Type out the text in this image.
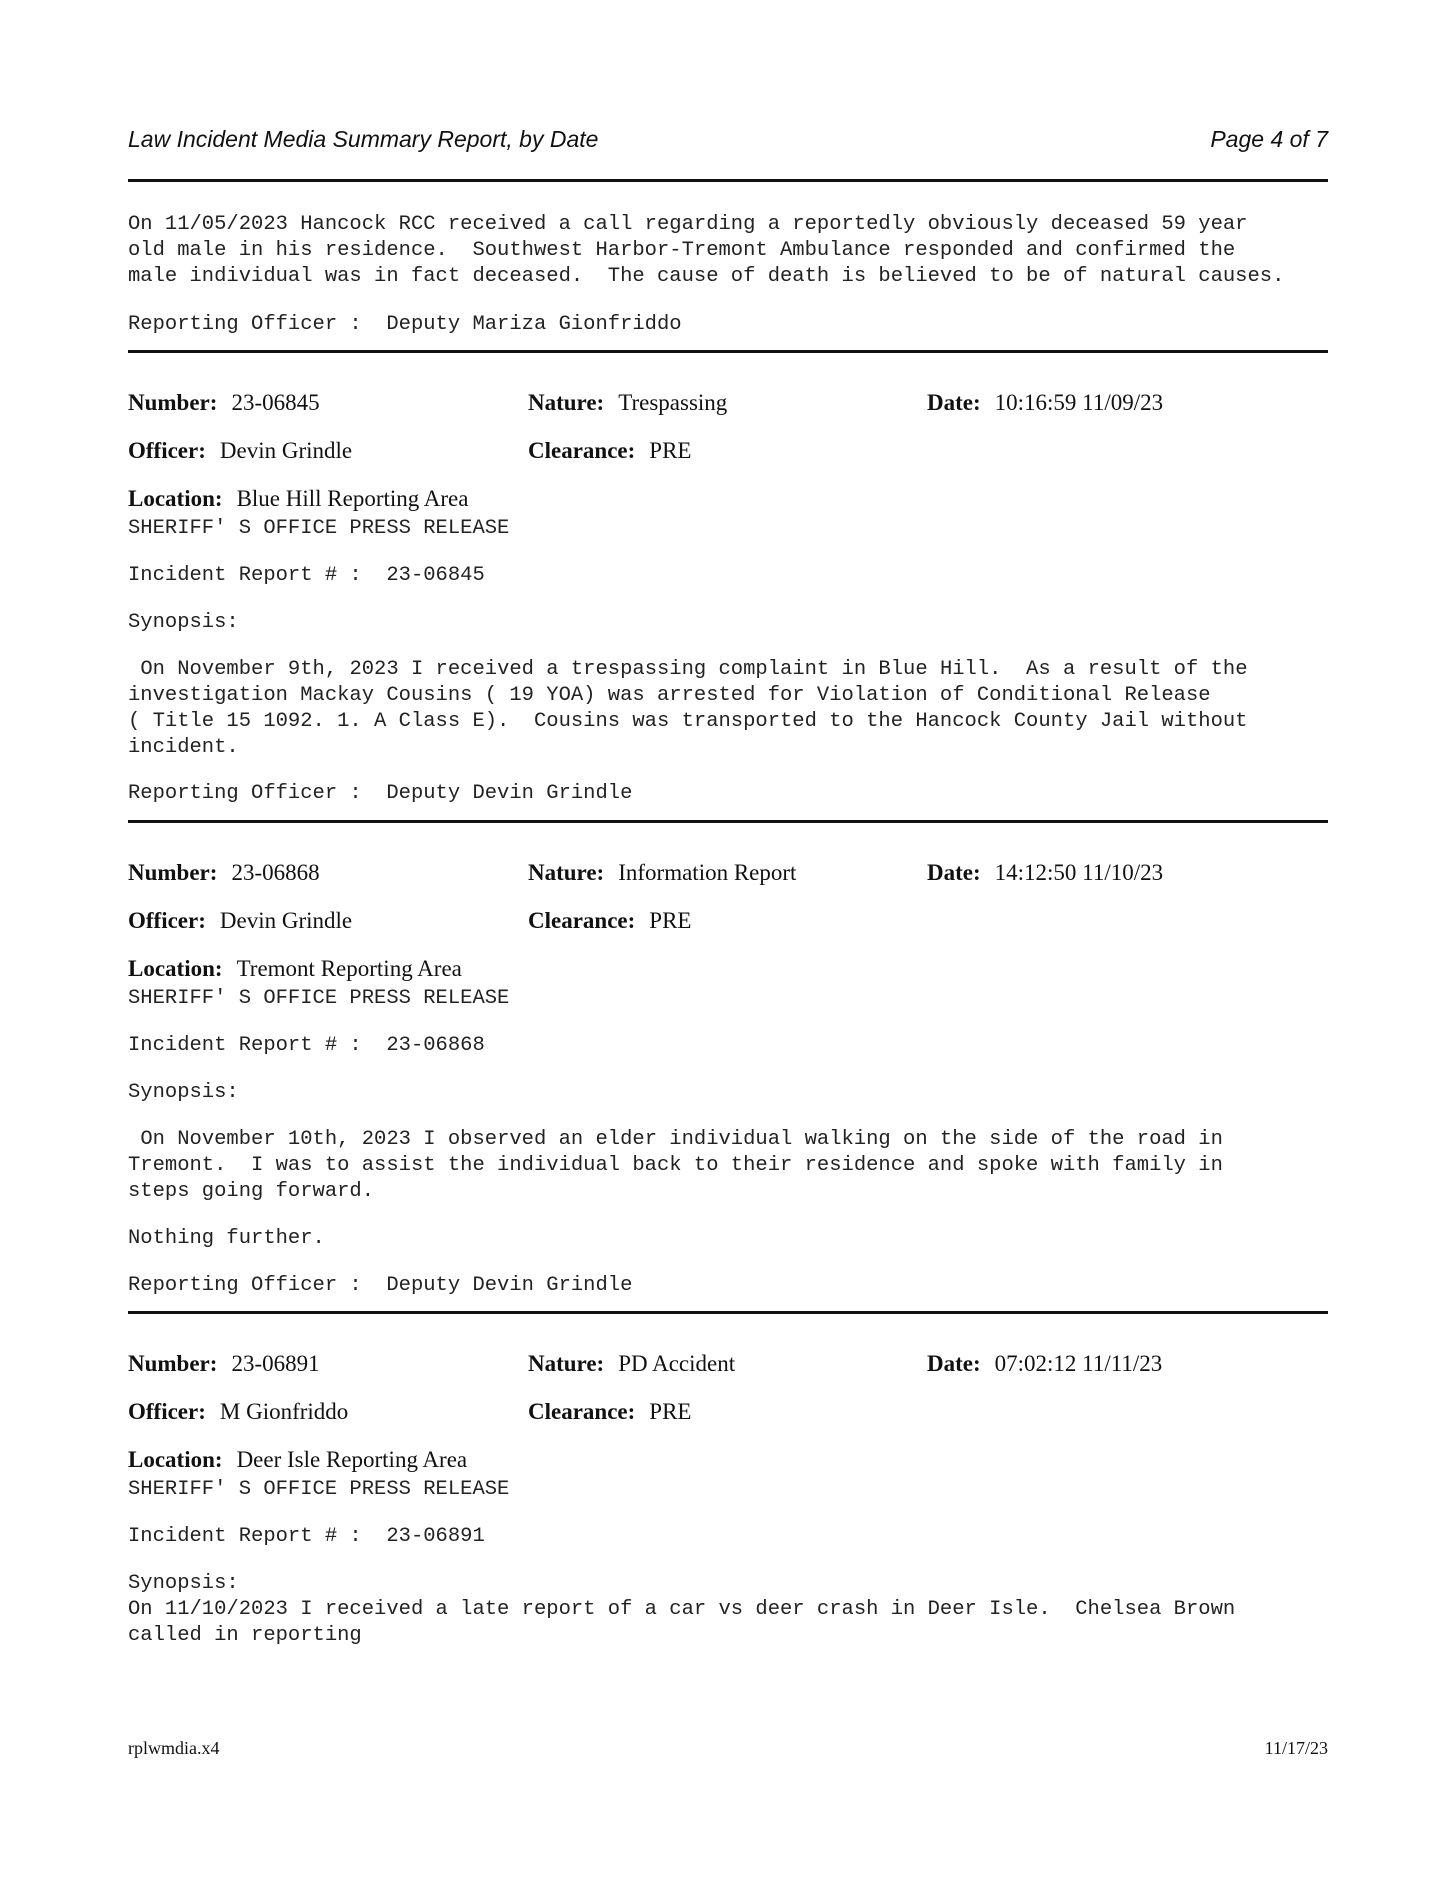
Law Incident Media Summary Report, by Date	Page 4 of 7
On 11/05/2023 Hancock RCC received a call regarding a reportedly obviously deceased 59 year
old male in his residence.  Southwest Harbor-Tremont Ambulance responded and confirmed the
male individual was in fact deceased.  The cause of death is believed to be of natural causes.
Reporting Officer :  Deputy Mariza Gionfriddo
Number: 23-06845	Nature: Trespassing	Date: 10:16:59 11/09/23
Officer: Devin Grindle	Clearance: PRE
Location: Blue Hill Reporting Area
SHERIFF' S OFFICE PRESS RELEASE
Incident Report # :  23-06845
Synopsis:
On November 9th, 2023 I received a trespassing complaint in Blue Hill.  As a result of the
investigation Mackay Cousins ( 19 YOA) was arrested for Violation of Conditional Release
( Title 15 1092. 1. A Class E).  Cousins was transported to the Hancock County Jail without
incident.
Reporting Officer :  Deputy Devin Grindle
Number: 23-06868	Nature: Information Report	Date: 14:12:50 11/10/23
Officer: Devin Grindle	Clearance: PRE
Location: Tremont Reporting Area
SHERIFF' S OFFICE PRESS RELEASE
Incident Report # :  23-06868
Synopsis:
On November 10th, 2023 I observed an elder individual walking on the side of the road in
Tremont.  I was to assist the individual back to their residence and spoke with family in
steps going forward.
Nothing further.
Reporting Officer :  Deputy Devin Grindle
Number: 23-06891	Nature: PD Accident	Date: 07:02:12 11/11/23
Officer: M Gionfriddo	Clearance: PRE
Location: Deer Isle Reporting Area
SHERIFF' S OFFICE PRESS RELEASE
Incident Report # :  23-06891
Synopsis:
On 11/10/2023 I received a late report of a car vs deer crash in Deer Isle.  Chelsea Brown
called in reporting
rplwmdia.x4	11/17/23
